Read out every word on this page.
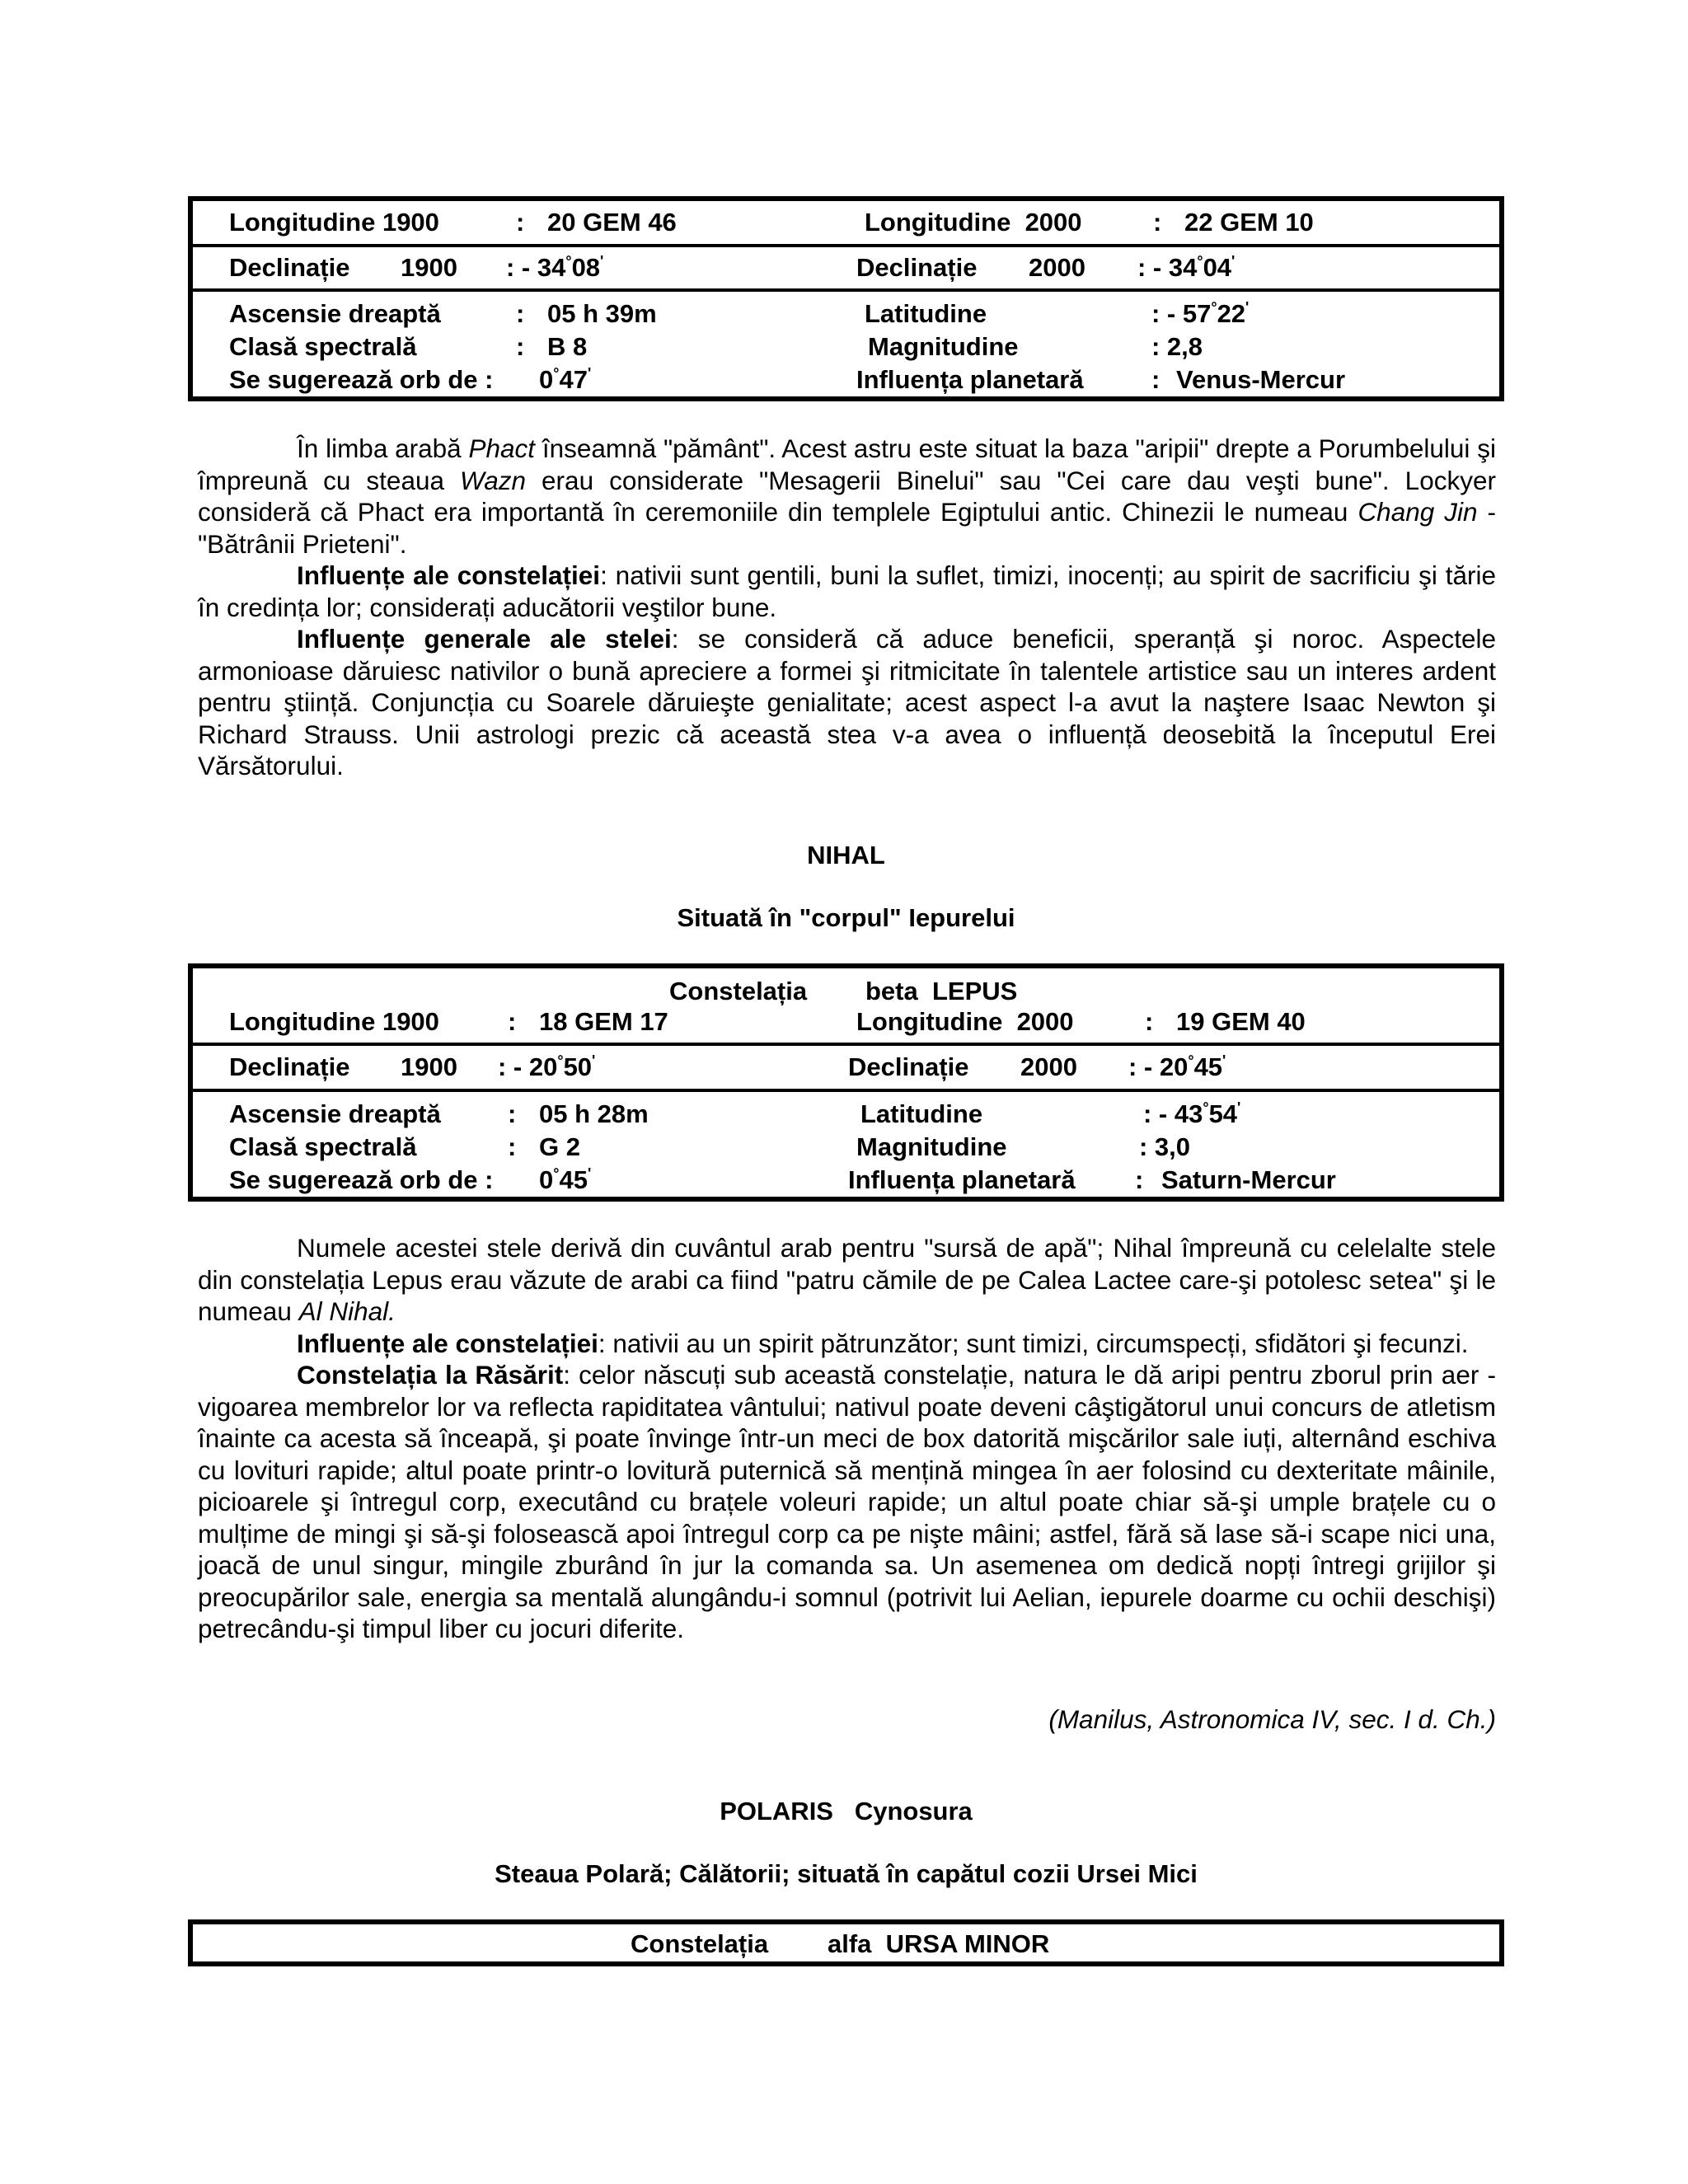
Longitudine 1900	: 20 GEM 46	Longitudine  2000	: 22 GEM 10
Declinație 1900 : - 34°08'	Declinație 2000 : - 34°04'
Ascensie dreaptă	: 05 h 39m	Latitudine	: - 57°22'
Clasă spectrală	: B 8	Magnitudine	: 2,8
Se sugerează orb de : 0°47'	Influența planetară	: Venus-Mercur

În limba arabă Phact înseamnă "pământ". Acest astru este situat la baza "aripii" drepte a Porumbelului şi împreună cu steaua Wazn erau considerate "Mesagerii Binelui" sau "Cei care dau veşti bune". Lockyer consideră că Phact era importantă în ceremoniile din templele Egiptului antic. Chinezii le numeau Chang Jin - "Bătrânii Prieteni".

Influențe ale constelației: nativii sunt gentili, buni la suflet, timizi, inocenți; au spirit de sacrificiu şi tărie în credința lor; considerați aducătorii veştilor bune.

Influențe generale ale stelei: se consideră că aduce beneficii, speranță şi noroc. Aspectele armonioase dăruiesc nativilor o bună apreciere a formei şi ritmicitate în talentele artistice sau un interes ardent pentru ştiință. Conjuncția cu Soarele dăruieşte genialitate; acest aspect l-a avut la naştere Isaac Newton şi Richard Strauss. Unii astrologi prezic că această stea v-a avea o influență deosebită la începutul Erei Vărsătorului.

NIHAL
Situată în "corpul" Iepurelui
Constelația beta  LEPUS
Longitudine 1900	: 18 GEM 17	Longitudine  2000	: 19 GEM 40
Declinație 1900 : - 20°50'	Declinație 2000 : - 20°45'
Ascensie dreaptă	: 05 h 28m	Latitudine	: - 43°54'
Clasă spectrală	: G 2	Magnitudine	: 3,0
Se sugerează orb de : 0°45'	Influența planetară : Saturn-Mercur

Numele acestei stele derivă din cuvântul arab pentru "sursă de apă"; Nihal împreună cu celelalte stele din constelația Lepus erau văzute de arabi ca fiind "patru cămile de pe Calea Lactee care-şi potolesc setea" şi le numeau Al Nihal.

Influențe ale constelației: nativii au un spirit pătrunzător; sunt timizi, circumspecți, sfidători şi fecunzi.

Constelația la Răsărit: celor născuți sub această constelație, natura le dă aripi pentru zborul prin aer - vigoarea membrelor lor va reflecta rapiditatea vântului; nativul poate deveni câştigătorul unui concurs de atletism înainte ca acesta să înceapă, şi poate învinge într-un meci de box datorită mişcărilor sale iuți, alternând eschiva cu lovituri rapide; altul poate printr-o lovitură puternică să mențină mingea în aer folosind cu dexteritate mâinile, picioarele şi întregul corp, executând cu brațele voleuri rapide; un altul poate chiar să-şi umple brațele cu o mulțime de mingi şi să-şi folosească apoi întregul corp ca pe nişte mâini; astfel, fără să lase să-i scape nici una, joacă de unul singur, mingile zburând în jur la comanda sa. Un asemenea om dedică nopți întregi grijilor şi preocupărilor sale, energia sa mentală alungându-i somnul (potrivit lui Aelian, iepurele doarme cu ochii deschişi) petrecându-şi timpul liber cu jocuri diferite.

(Manilus, Astronomica IV, sec. I d. Ch.)
POLARIS   Cynosura
Steaua Polară; Călătorii; situată în capătul cozii Ursei Mici
Constelația alfa  URSA MINOR
